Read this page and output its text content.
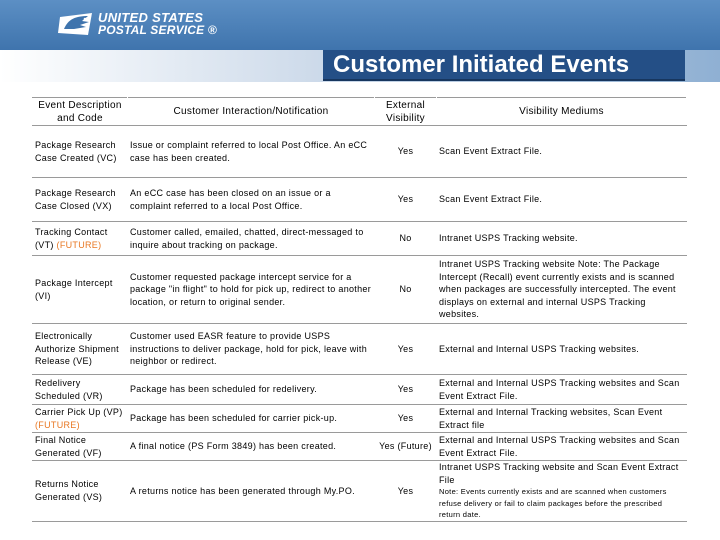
UNITED STATES
POSTAL SERVICE ®
Customer Initiated Events
Event Description and Code	Customer Interaction/Notification	External Visibility	Visibility Mediums
Package Research Case Created (VC)	Issue or complaint referred to local Post Office. An eCC case has been created.	Yes	Scan Event Extract File.

Package Research Case Closed (VX)	An eCC case has been closed on an issue or a complaint referred to a local Post Office.	Yes	Scan Event Extract File.

Tracking Contact (VT) (FUTURE)	Customer called, emailed, chatted, direct-messaged to inquire about tracking on package.	No	Intranet USPS Tracking website.

Package Intercept (VI)	Customer requested package intercept service for a package "in flight" to hold for pick up, redirect to another location, or return to original sender.	No	Intranet USPS Tracking website Note: The Package Intercept (Recall) event currently exists and is scanned when packages are successfully intercepted. The event displays on external and internal USPS Tracking websites.

Electronically Authorize Shipment Release (VE)	Customer used EASR feature to provide USPS instructions to deliver package, hold for pick, leave with neighbor or redirect.	Yes	External and Internal USPS Tracking websites.

Redelivery Scheduled (VR)	Package has been scheduled for redelivery.	Yes	External and Internal USPS Tracking websites and Scan Event Extract File.

Carrier Pick Up (VP) (FUTURE)	Package has been scheduled for carrier pick-up.	Yes	External and Internal Tracking websites, Scan Event Extract file

Final Notice Generated (VF)	A final notice (PS Form 3849) has been created.	Yes (Future)	External and Internal USPS Tracking websites and Scan Event Extract File.

Returns Notice Generated (VS)	A returns notice has been generated through My.PO.	Yes	Intranet USPS Tracking website and Scan Event Extract File
Note: Events currently exists and are scanned when customers refuse delivery or fail to claim packages before the prescribed return date.
